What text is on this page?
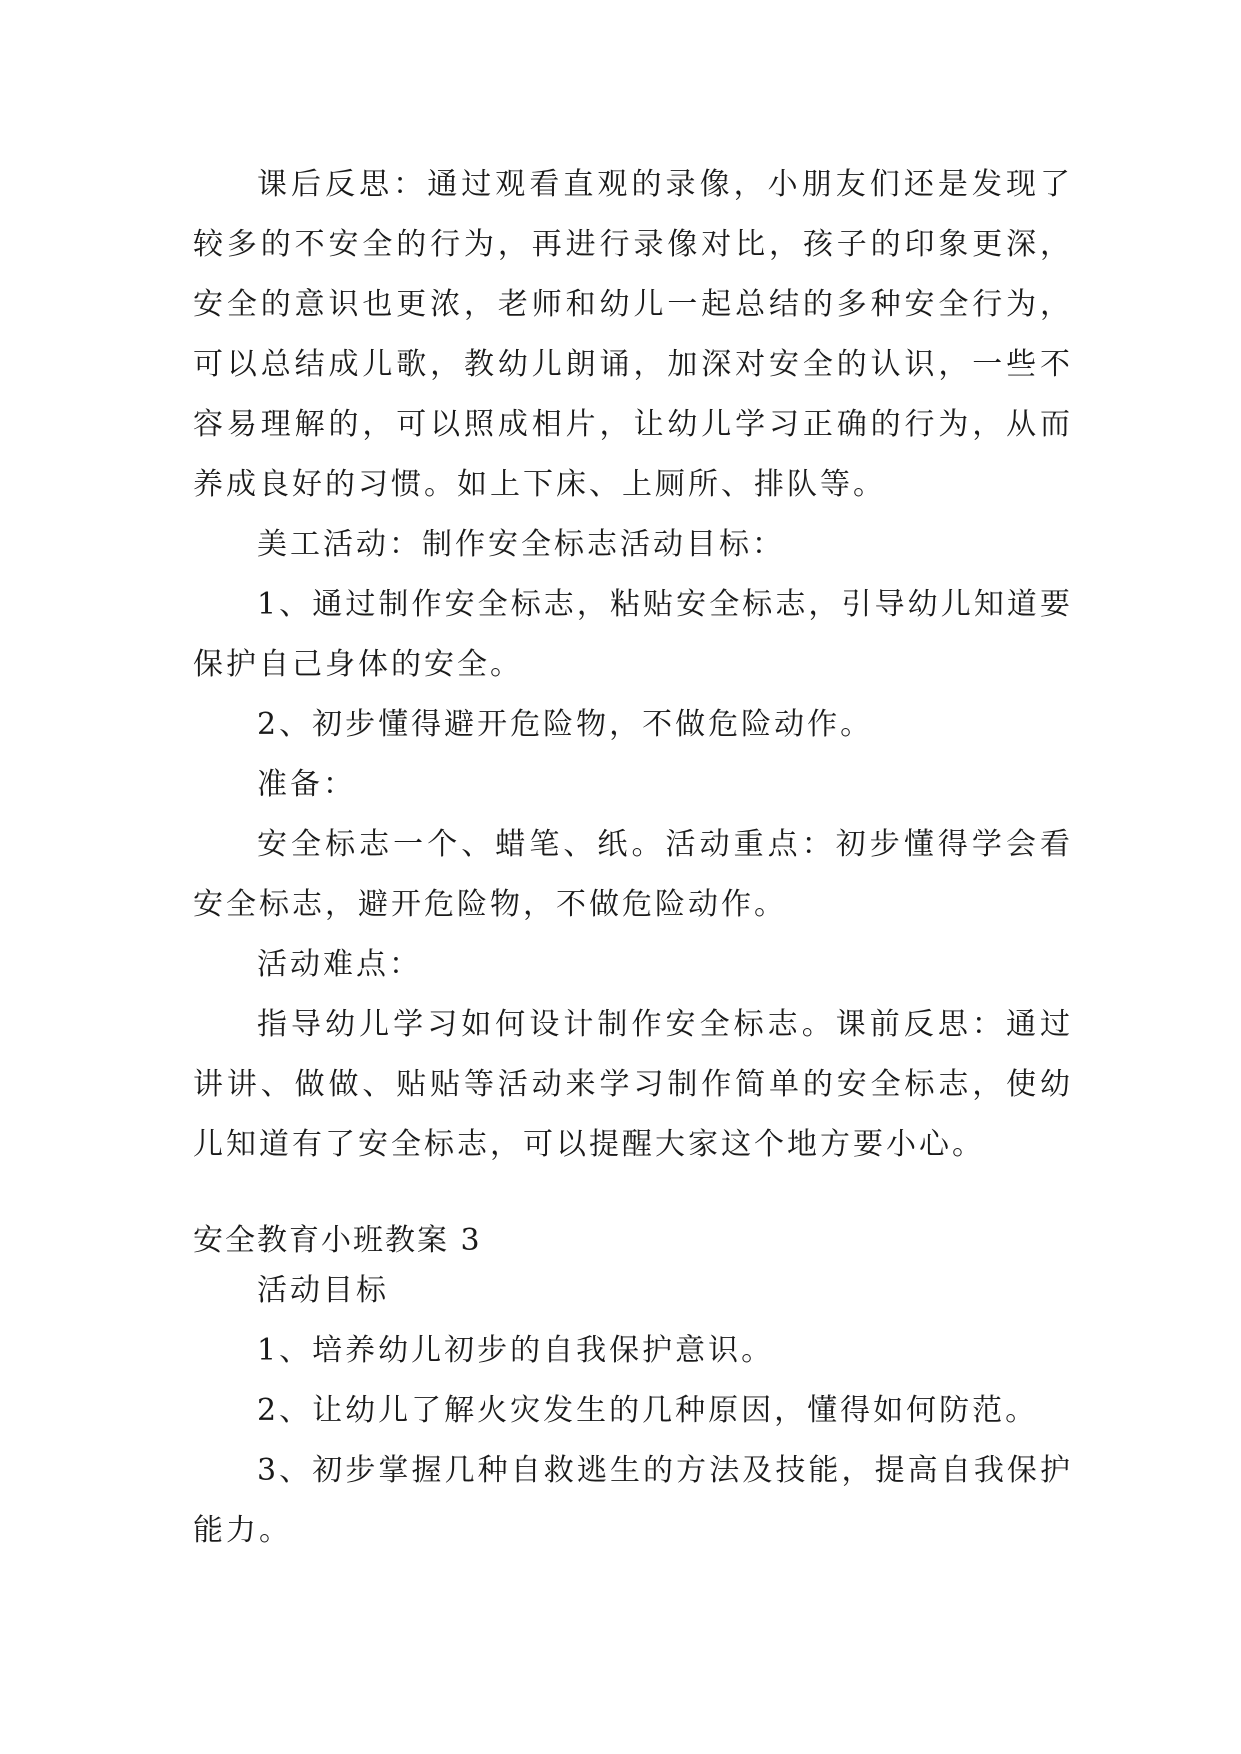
课后反思：通过观看直观的录像，小朋友们还是发现了较多的不安全的行为，再进行录像对比，孩子的印象更深，安全的意识也更浓，老师和幼儿一起总结的多种安全行为，可以总结成儿歌，教幼儿朗诵，加深对安全的认识，一些不容易理解的，可以照成相片，让幼儿学习正确的行为，从而养成良好的习惯。如上下床、上厕所、排队等。

美工活动：制作安全标志活动目标：

1、通过制作安全标志，粘贴安全标志，引导幼儿知道要保护自己身体的安全。

2、初步懂得避开危险物，不做危险动作。

准备：

安全标志一个、蜡笔、纸。活动重点：初步懂得学会看安全标志，避开危险物，不做危险动作。

活动难点：

指导幼儿学习如何设计制作安全标志。课前反思：通过讲讲、做做、贴贴等活动来学习制作简单的安全标志，使幼儿知道有了安全标志，可以提醒大家这个地方要小心。

安全教育小班教案 3

活动目标

1、培养幼儿初步的自我保护意识。

2、让幼儿了解火灾发生的几种原因，懂得如何防范。

3、初步掌握几种自救逃生的方法及技能，提高自我保护能力。
